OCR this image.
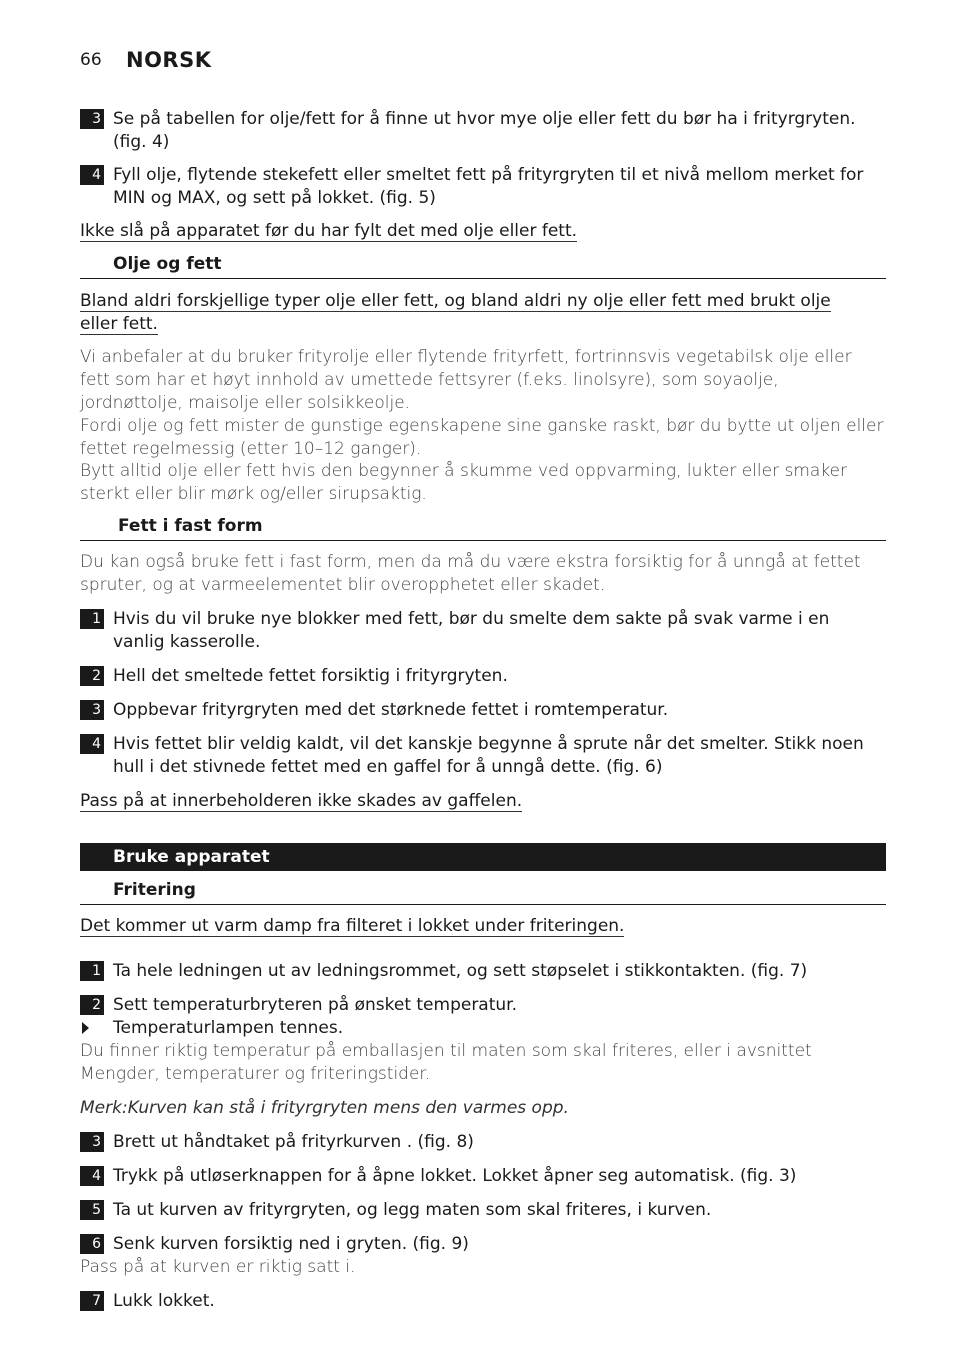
66 NORSK
3 Se på tabellen for olje/fett for å finne ut hvor mye olje eller fett du bør ha i frityrgryten. (fig. 4)
4 Fyll olje, flytende stekefett eller smeltet fett på frityrgryten til et nivå mellom merket for MIN og MAX, og sett på lokket. (fig. 5)
Ikke slå på apparatet før du har fylt det med olje eller fett.
Olje og fett
Bland aldri forskjellige typer olje eller fett, og bland aldri ny olje eller fett med brukt olje eller fett.
Vi anbefaler at du bruker frityrolje eller flytende frityrfett, fortrinnsvis vegetabilsk olje eller fett som har et høyt innhold av umettede fettsyrer (f.eks. linolsyre), som soyaolje, jordnøttolje, maisolje eller solsikkeolje.
Fordi olje og fett mister de gunstige egenskapene sine ganske raskt, bør du bytte ut oljen eller fettet regelmessig (etter 10–12 ganger).
Bytt alltid olje eller fett hvis den begynner å skumme ved oppvarming, lukter eller smaker sterkt eller blir mørk og/eller sirupsaktig.
Fett i fast form
Du kan også bruke fett i fast form, men da må du være ekstra forsiktig for å unngå at fettet spruter, og at varmeelementet blir overopphetet eller skadet.
1 Hvis du vil bruke nye blokker med fett, bør du smelte dem sakte på svak varme i en vanlig kasserolle.
2 Hell det smeltede fettet forsiktig i frityrgryten.
3 Oppbevar frityrgryten med det størknede fettet i romtemperatur.
4 Hvis fettet blir veldig kaldt, vil det kanskje begynne å sprute når det smelter. Stikk noen hull i det stivnede fettet med en gaffel for å unngå dette. (fig. 6)
Pass på at innerbeholderen ikke skades av gaffelen.
Bruke apparatet
Fritering
Det kommer ut varm damp fra filteret i lokket under friteringen.
1 Ta hele ledningen ut av ledningsrommet, og sett støpselet i stikkontakten. (fig. 7)
2 Sett temperaturbryteren på ønsket temperatur.
Temperaturlampen tennes.
Du finner riktig temperatur på emballasjen til maten som skal friteres, eller i avsnittet Mengder, temperaturer og friteringstider.
Merk:Kurven kan stå i frityrgryten mens den varmes opp.
3 Brett ut håndtaket på frityrkurven . (fig. 8)
4 Trykk på utløserknappen for å åpne lokket. Lokket åpner seg automatisk. (fig. 3)
5 Ta ut kurven av frityrgryten, og legg maten som skal friteres, i kurven.
6 Senk kurven forsiktig ned i gryten. (fig. 9)
Pass på at kurven er riktig satt i.
7 Lukk lokket.
